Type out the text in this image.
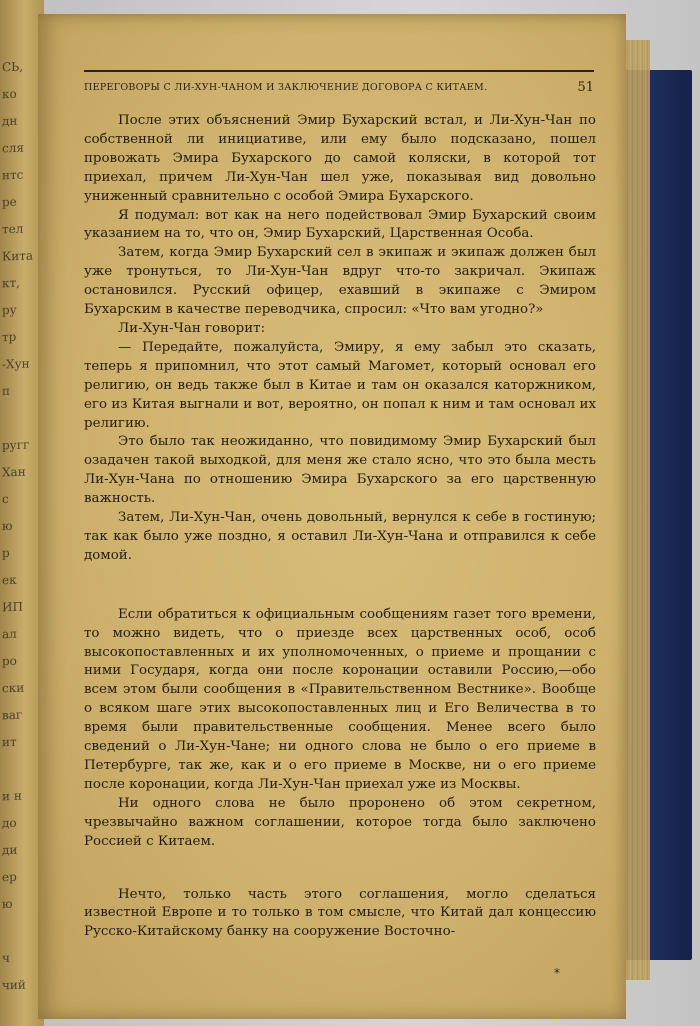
СЬ,
ко
дн
сля
нтс
ре
тел
Кита
кт,
ру
тр
-Хун
п
ругг
Хан
с
ю
р
ек
ИП
ал
ро
ски
ваг
ит
и н
до
ди
ер
ю
ч
чий
ПЕРЕГОВОРЫ С ЛИ-ХУН-ЧАНОМ И ЗАКЛЮЧЕНИЕ ДОГОВОРА С КИТАЕМ.	51

После этих объяснений Эмир Бухарский встал, и Ли-Хун-Чан по собственной ли инициативе, или ему было подсказано, пошел провожать Эмира Бухарского до самой коляски, в которой тот приехал, причем Ли-Хун-Чан шел уже, показывая вид довольно униженный сравнительно с особой Эмира Бухарского.

Я подумал: вот как на него подействовал Эмир Бухарский своим указанием на то, что он, Эмир Бухарский, Царственная Особа.

Затем, когда Эмир Бухарский сел в экипаж и экипаж должен был уже тронуться, то Ли-Хун-Чан вдруг что-то закричал. Экипаж остановился. Русский офицер, ехавший в экипаже с Эмиром Бухарским в качестве переводчика, спросил: «Что вам угодно?»

Ли-Хун-Чан говорит:

— Передайте, пожалуйста, Эмиру, я ему забыл это сказать, теперь я припомнил, что этот самый Магомет, который основал его религию, он ведь также был в Китае и там он оказался каторжником, его из Китая выгнали и вот, вероятно, он попал к ним и там основал их религию.

Это было так неожиданно, что повидимому Эмир Бухарский был озадачен такой выходкой, для меня же стало ясно, что это была месть Ли-Хун-Чана по отношению Эмира Бухарского за его царственную важность.

Затем, Ли-Хун-Чан, очень довольный, вернулся к себе в гостиную; так как было уже поздно, я оставил Ли-Хун-Чана и отправился к себе домой.

Если обратиться к официальным сообщениям газет того времени, то можно видеть, что о приезде всех царственных особ, особ высокопоставленных и их уполномоченных, о приеме и прощании с ними Государя, когда они после коронации оставили Россию,—обо всем этом были сообщения в «Правительственном Вестнике». Вообще о всяком шаге этих высокопоставленных лиц и Его Величества в то время были правительственные сообщения. Менее всего было сведений о Ли-Хун-Чане; ни одного слова не было о его приеме в Петербурге, так же, как и о его приеме в Москве, ни о его приеме после коронации, когда Ли-Хун-Чан приехал уже из Москвы.

Ни одного слова не было проронено об этом секретном, чрезвычайно важном соглашении, которое тогда было заключено Россией с Китаем.

Нечто, только часть этого соглашения, могло сделаться известной Европе и то только в том смысле, что Китай дал концессию Русско-Китайскому банку на сооружение Восточно-

*
